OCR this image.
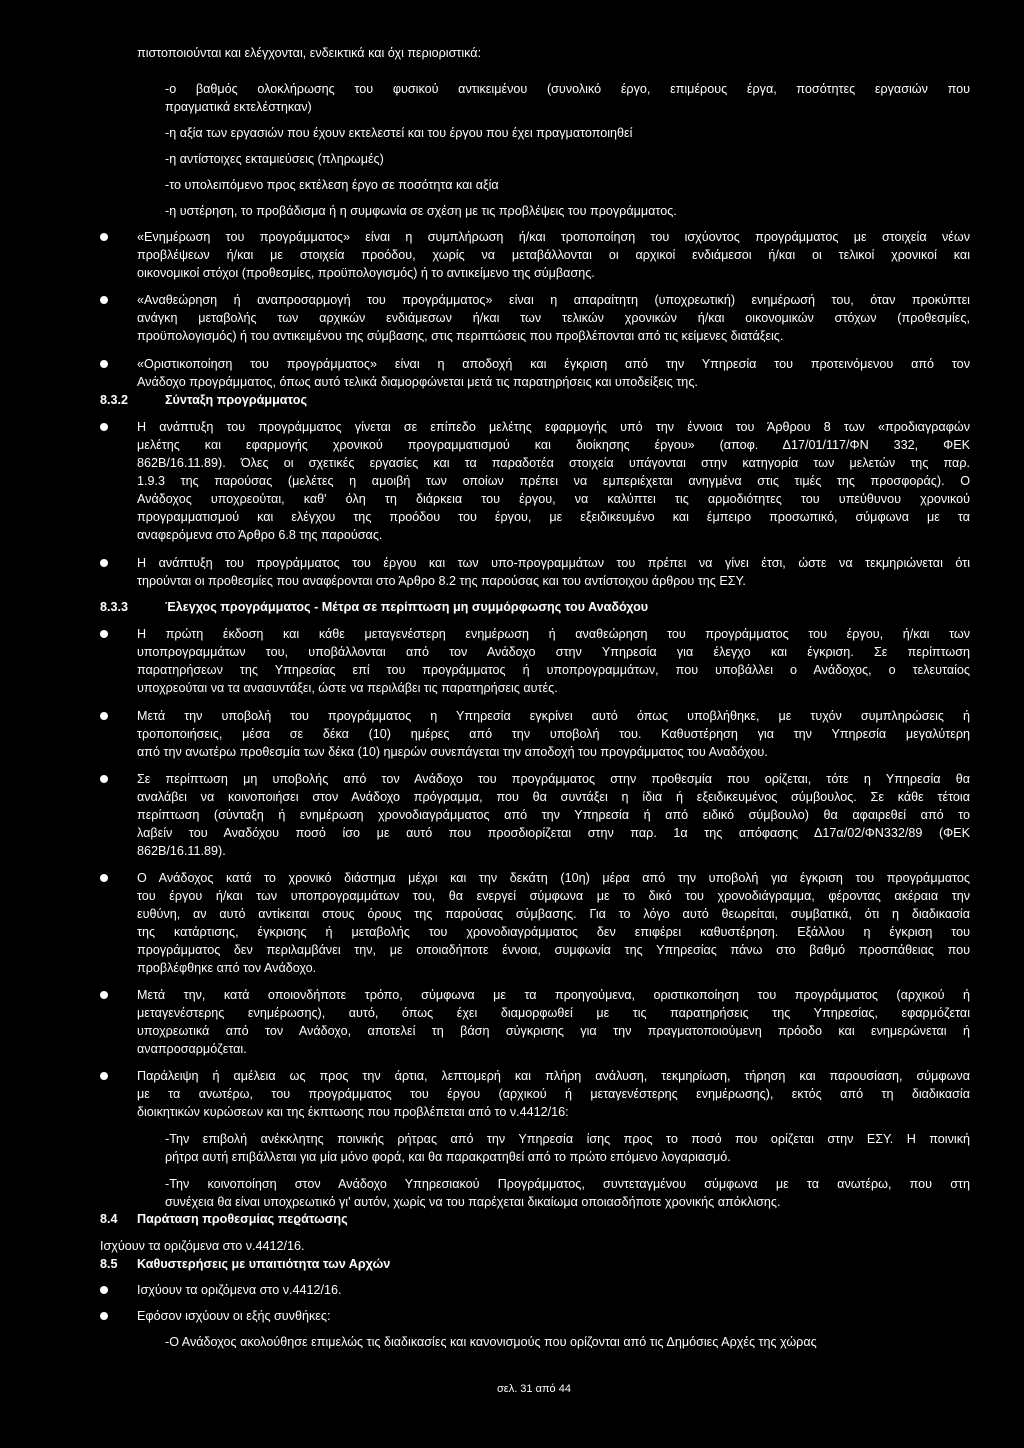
πιστοποιούνται και ελέγχονται, ενδεικτικά και όχι περιοριστικά:
-ο βαθμός ολοκλήρωσης του φυσικού αντικειμένου (συνολικό έργο, επιμέρους έργα, ποσότητες εργασιών που
πραγματικά εκτελέστηκαν)
-η αξία των εργασιών που έχουν εκτελεστεί και του έργου που έχει πραγματοποιηθεί
-η αντίστοιχες εκταμιεύσεις (πληρωμές)
-το υπολειπόμενο προς εκτέλεση έργο σε ποσότητα και αξία
-η υστέρηση, το προβάδισμα ή η συμφωνία σε σχέση με τις προβλέψεις του προγράμματος.
«Ενημέρωση του προγράμματος» είναι η συμπλήρωση ή/και τροποποίηση του ισχύοντος προγράμματος με στοιχεία νέων
προβλέψεων ή/και με στοιχεία προόδου, χωρίς να μεταβάλλονται οι αρχικοί ενδιάμεσοι ή/και οι τελικοί χρονικοί και
οικονομικοί στόχοι (προθεσμίες, προϋπολογισμός) ή το αντικείμενο της σύμβασης.
«Αναθεώρηση ή αναπροσαρμογή του προγράμματος» είναι η απαραίτητη (υποχρεωτική) ενημέρωσή του, όταν προκύπτει
ανάγκη μεταβολής των αρχικών ενδιάμεσων ή/και των τελικών χρονικών ή/και οικονομικών στόχων (προθεσμίες,
προϋπολογισμός) ή του αντικειμένου της σύμβασης, στις περιπτώσεις που προβλέπονται από τις κείμενες διατάξεις.
«Οριστικοποίηση του προγράμματος» είναι η αποδοχή και έγκριση από την Υπηρεσία του προτεινόμενου από τον
Ανάδοχο προγράμματος, όπως αυτό τελικά διαμορφώνεται μετά τις παρατηρήσεις και υποδείξεις της.
8.3.2	Σύνταξη προγράμματος
Η ανάπτυξη του προγράμματος γίνεται σε επίπεδο μελέτης εφαρμογής υπό την έννοια του Άρθρου 8 των «προδιαγραφών
μελέτης και εφαρμογής χρονικού προγραμματισμού και διοίκησης έργου» (αποφ. Δ17/01/117/ΦΝ 332, ΦΕΚ
862Β/16.11.89). Όλες οι σχετικές εργασίες και τα παραδοτέα στοιχεία υπάγονται στην κατηγορία των μελετών της παρ.
1.9.3 της παρούσας (μελέτες η αμοιβή των οποίων πρέπει να εμπεριέχεται ανηγμένα στις τιμές της προσφοράς). Ο
Ανάδοχος υποχρεούται, καθ' όλη τη διάρκεια του έργου, να καλύπτει τις αρμοδιότητες του υπεύθυνου χρονικού
προγραμματισμού και ελέγχου της προόδου του έργου, με εξειδικευμένο και έμπειρο προσωπικό, σύμφωνα με τα
αναφερόμενα στο Άρθρο 6.8 της παρούσας.
Η ανάπτυξη του προγράμματος του έργου και των υπο-προγραμμάτων του πρέπει να γίνει έτσι, ώστε να τεκμηριώνεται ότι
τηρούνται οι προθεσμίες που αναφέρονται στο Άρθρο 8.2 της παρούσας και του αντίστοιχου άρθρου της ΕΣΥ.
8.3.3	Έλεγχος προγράμματος - Μέτρα σε περίπτωση μη συμμόρφωσης του Αναδόχου
Η πρώτη έκδοση και κάθε μεταγενέστερη ενημέρωση ή αναθεώρηση του προγράμματος του έργου, ή/και των
υποπρογραμμάτων του, υποβάλλονται από τον Ανάδοχο στην Υπηρεσία για έλεγχο και έγκριση. Σε περίπτωση
παρατηρήσεων της Υπηρεσίας επί του προγράμματος ή υποπρογραμμάτων, που υποβάλλει ο Ανάδοχος, ο τελευταίος
υποχρεούται να τα ανασυντάξει, ώστε να περιλάβει τις παρατηρήσεις αυτές.
Μετά την υποβολή του προγράμματος η Υπηρεσία εγκρίνει αυτό όπως υποβλήθηκε, με τυχόν συμπληρώσεις ή
τροποποιήσεις, μέσα σε δέκα (10) ημέρες από την υποβολή του. Καθυστέρηση για την Υπηρεσία μεγαλύτερη
από την ανωτέρω προθεσμία των δέκα (10) ημερών συνεπάγεται την αποδοχή του προγράμματος του Αναδόχου.
Σε περίπτωση μη υποβολής από τον Ανάδοχο του προγράμματος στην προθεσμία που ορίζεται, τότε η Υπηρεσία θα
αναλάβει να κοινοποιήσει στον Ανάδοχο πρόγραμμα, που θα συντάξει η ίδια ή εξειδικευμένος σύμβουλος. Σε κάθε τέτοια
περίπτωση (σύνταξη ή ενημέρωση χρονοδιαγράμματος από την Υπηρεσία ή από ειδικό σύμβουλο) θα αφαιρεθεί από το
λαβείν του Αναδόχου ποσό ίσο με αυτό που προσδιορίζεται στην παρ. 1α της απόφασης Δ17α/02/ΦΝ332/89 (ΦΕΚ
862Β/16.11.89).
Ο Ανάδοχος κατά το χρονικό διάστημα μέχρι και την δεκάτη (10η) μέρα από την υποβολή για έγκριση του προγράμματος
του έργου ή/και των υποπρογραμμάτων του, θα ενεργεί σύμφωνα με το δικό του χρονοδιάγραμμα, φέροντας ακέραια την
ευθύνη, αν αυτό αντίκειται στους όρους της παρούσας σύμβασης. Για το λόγο αυτό θεωρείται, συμβατικά, ότι η διαδικασία
της κατάρτισης, έγκρισης ή μεταβολής του χρονοδιαγράμματος δεν επιφέρει καθυστέρηση. Εξάλλου η έγκριση του
προγράμματος δεν περιλαμβάνει την, με οποιαδήποτε έννοια, συμφωνία της Υπηρεσίας πάνω στο βαθμό προσπάθειας που
προβλέφθηκε από τον Ανάδοχο.
Μετά την, κατά οποιονδήποτε τρόπο, σύμφωνα με τα προηγούμενα, οριστικοποίηση του προγράμματος (αρχικού ή
μεταγενέστερης ενημέρωσης), αυτό, όπως έχει διαμορφωθεί με τις παρατηρήσεις της Υπηρεσίας, εφαρμόζεται
υποχρεωτικά από τον Ανάδοχο, αποτελεί τη βάση σύγκρισης για την πραγματοποιούμενη πρόοδο και ενημερώνεται ή
αναπροσαρμόζεται.
Παράλειψη ή αμέλεια ως προς την άρτια, λεπτομερή και πλήρη ανάλυση, τεκμηρίωση, τήρηση και παρουσίαση, σύμφωνα
με τα ανωτέρω, του προγράμματος του έργου (αρχικού ή μεταγενέστερης ενημέρωσης), εκτός από τη διαδικασία
διοικητικών κυρώσεων και της έκπτωσης που προβλέπεται από το ν.4412/16:
-Την επιβολή ανέκκλητης ποινικής ρήτρας από την Υπηρεσία ίσης προς το ποσό που ορίζεται στην ΕΣΥ. Η ποινική
ρήτρα αυτή επιβάλλεται για μία μόνο φορά, και θα παρακρατηθεί από το πρώτο επόμενο λογαριασμό.
-Την κοινοποίηση στον Ανάδοχο Υπηρεσιακού Προγράμματος, συντεταγμένου σύμφωνα με τα ανωτέρω, που στη
συνέχεια θα είναι υποχρεωτικό γι' αυτόν, χωρίς να του παρέχεται δικαίωμα οποιασδήποτε χρονικής απόκλισης.
8.4 Παράταση προθεσμίας πεϱάτωσης
Ισχύουν τα οριζόμενα στο ν.4412/16.
8.5 Καθυστερήσεις με υπαιτιότητα των Αρχών
Ισχύουν τα οριζόμενα στο ν.4412/16.
Εφόσον ισχύουν οι εξής συνθήκες:
-Ο Ανάδοχος ακολούθησε επιμελώς τις διαδικασίες και κανονισμούς που ορίζονται από τις Δημόσιες Αρχές της χώρας
σελ. 31 από 44
